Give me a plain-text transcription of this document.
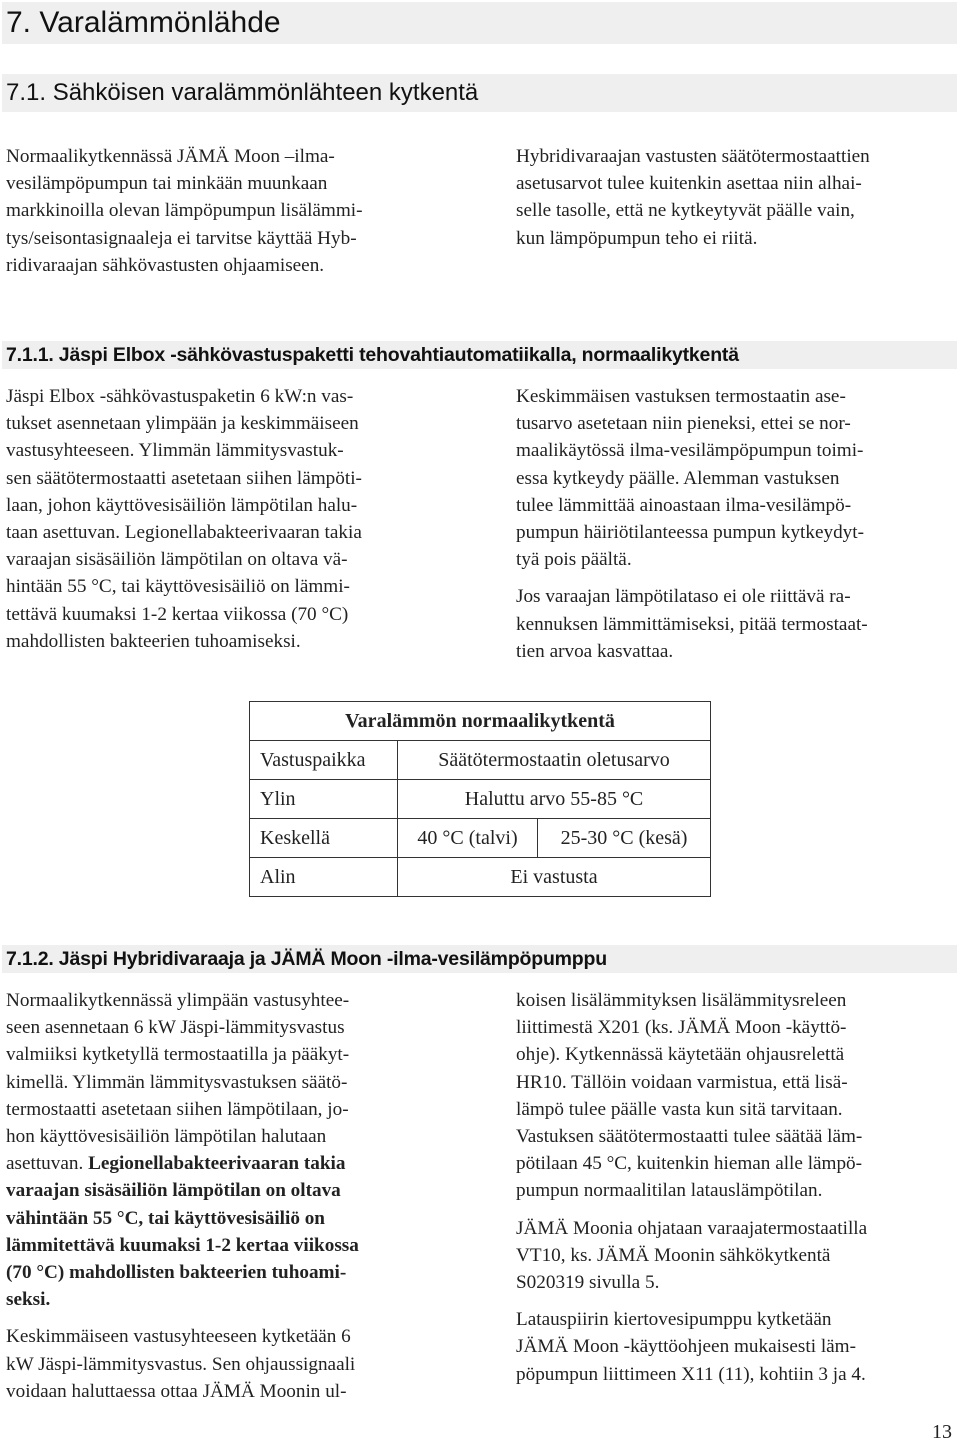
7. Varalämmönlähde
7.1. Sähköisen varalämmönlähteen kytkentä

Normaalikytkennässä JÄMÄ Moon –ilma-

vesilämpöpumpun tai minkään muunkaan

markkinoilla olevan lämpöpumpun lisälämmi-

tys/seisontasignaaleja ei tarvitse käyttää Hyb-

ridivaraajan sähkövastusten ohjaamiseen.

Hybridivaraajan vastusten säätötermostaattien

asetusarvot tulee kuitenkin asettaa niin alhai-

selle tasolle, että ne kytkeytyvät päälle vain,

kun lämpöpumpun teho ei riitä.

7.1.1. Jäspi Elbox -sähkövastuspaketti tehovahtiautomatiikalla, normaalikytkentä

Jäspi Elbox -sähkövastuspaketin 6 kW:n vas-

tukset asennetaan ylimpään ja keskimmäiseen

vastusyhteeseen. Ylimmän lämmitysvastuk-

sen säätötermostaatti asetetaan siihen lämpöti-

laan, johon käyttövesisäiliön lämpötilan halu-

taan asettuvan. Legionellabakteerivaaran takia

varaajan sisäsäiliön lämpötilan on oltava vä-

hintään 55 °C, tai käyttövesisäiliö on lämmi-

tettävä kuumaksi 1-2 kertaa viikossa (70 °C)

mahdollisten bakteerien tuhoamiseksi.

Keskimmäisen vastuksen termostaatin ase-

tusarvo asetetaan niin pieneksi, ettei se nor-

maalikäytössä ilma-vesilämpöpumpun toimi-

essa kytkeydy päälle. Alemman vastuksen

tulee lämmittää ainoastaan ilma-vesilämpö-

pumpun häiriötilanteessa pumpun kytkeydyt-

tyä pois päältä.

Jos varaajan lämpötilataso ei ole riittävä ra-

kennuksen lämmittämiseksi, pitää termostaat-

tien arvoa kasvattaa.

Varalämmön normaalikytkentä		
Vastuspaikka	Säätötermostaatin oletusarvo	
Ylin	Haluttu arvo 55-85 °C	
Keskellä	40 °C (talvi)	25-30 °C (kesä)
Alin	Ei vastusta	
7.1.2. Jäspi Hybridivaraaja ja JÄMÄ Moon -ilma-vesilämpöpumppu

Normaalikytkennässä ylimpään vastusyhtee-

seen asennetaan 6 kW Jäspi-lämmitysvastus

valmiiksi kytketyllä termostaatilla ja pääkyt-

kimellä. Ylimmän lämmitysvastuksen säätö-

termostaatti asetetaan siihen lämpötilaan, jo-

hon käyttövesisäiliön lämpötilan halutaan

asettuvan. Legionellabakteerivaaran takia

varaajan sisäsäiliön lämpötilan on oltava

vähintään 55 °C, tai käyttövesisäiliö on

lämmitettävä kuumaksi 1-2 kertaa viikossa

(70 °C) mahdollisten bakteerien tuhoami-

seksi.

Keskimmäiseen vastusyhteeseen kytketään 6

kW Jäspi-lämmitysvastus. Sen ohjaussignaali

voidaan haluttaessa ottaa JÄMÄ Moonin ul-

koisen lisälämmityksen lisälämmitysreleen

liittimestä X201 (ks. JÄMÄ Moon -käyttö-

ohje). Kytkennässä käytetään ohjausrelettä

HR10. Tällöin voidaan varmistua, että lisä-

lämpö tulee päälle vasta kun sitä tarvitaan.

Vastuksen säätötermostaatti tulee säätää läm-

pötilaan 45 °C, kuitenkin hieman alle lämpö-

pumpun normaalitilan latauslämpötilan.

JÄMÄ Moonia ohjataan varaajatermostaatilla

VT10, ks. JÄMÄ Moonin sähkökytkentä

S020319 sivulla 5.

Latauspiirin kiertovesipumppu kytketään

JÄMÄ Moon -käyttöohjeen mukaisesti läm-

pöpumpun liittimeen X11 (11), kohtiin 3 ja 4.

13
